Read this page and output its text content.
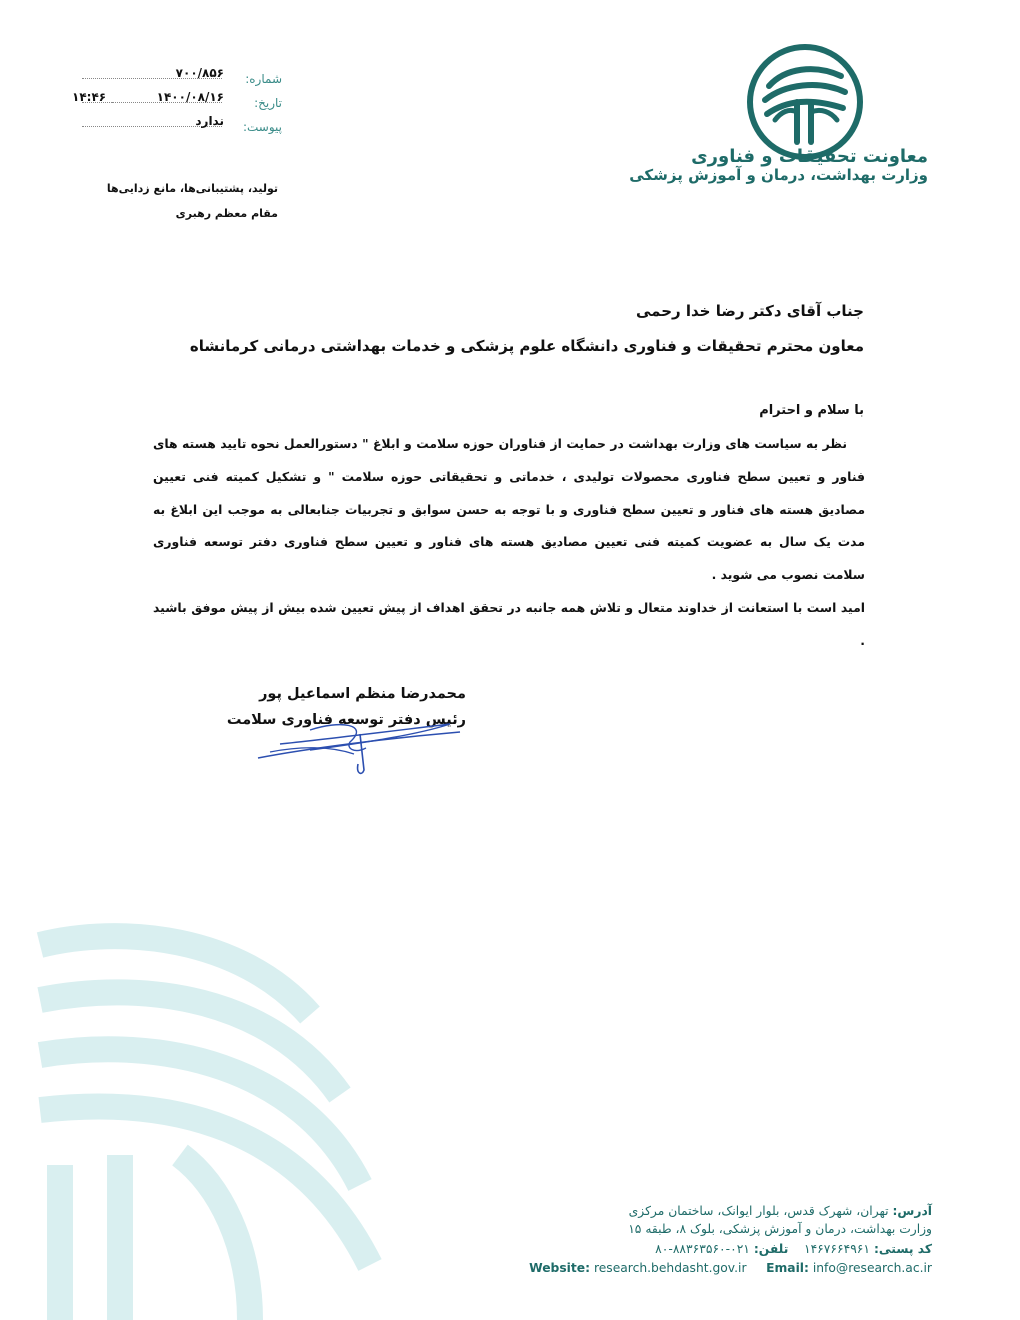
معاونت تحقیقات و فناوری
وزارت بهداشت، درمان و آموزش پزشکی
شماره:
۷۰۰/۸۵۶
تاریخ:
۱۴۰۰/۰۸/۱۶
۱۴:۴۶
پیوست:
ندارد
تولید، پشتیبانی‌ها، مانع زدایی‌ها
مقام معظم رهبری
جناب آقای دکتر رضا خدا رحمی
معاون محترم تحقیقات و فناوری دانشگاه علوم پزشکی و خدمات بهداشتی درمانی کرمانشاه
با سلام و احترام

نظر به سیاست های وزارت بهداشت در حمایت از فناوران حوزه سلامت و ابلاغ " دستورالعمل نحوه تایید هسته های فناور و تعیین سطح فناوری محصولات تولیدی ، خدماتی و تحقیقاتی حوزه سلامت " و تشکیل کمیته فنی تعیین مصادیق هسته های فناور و تعیین سطح فناوری و با توجه به حسن سوابق و تجربیات جنابعالی به موجب این ابلاغ به مدت یک سال به عضویت کمیته فنی تعیین مصادیق هسته های فناور و تعیین سطح فناوری دفتر توسعه فناوری سلامت نصوب می شوید .

امید است با استعانت از خداوند متعال و تلاش همه جانبه در تحقق اهداف از پیش تعیین شده بیش از پیش موفق باشید .

محمدرضا منظم اسماعیل پور
رئیس دفتر توسعه فناوری سلامت
آدرس: تهران، شهرک قدس، بلوار ایوانک، ساختمان مرکزی
وزارت بهداشت، درمان و آموزش پزشکی، بلوک ۸، طبقه ۱۵
کد پستی: ۱۴۶۷۶۶۴۹۶۱    تلفن: ۰۲۱-۸۸۳۶۳۵۶۰-۸۰
Website: research.behdasht.gov.ir Email: info@research.ac.ir
